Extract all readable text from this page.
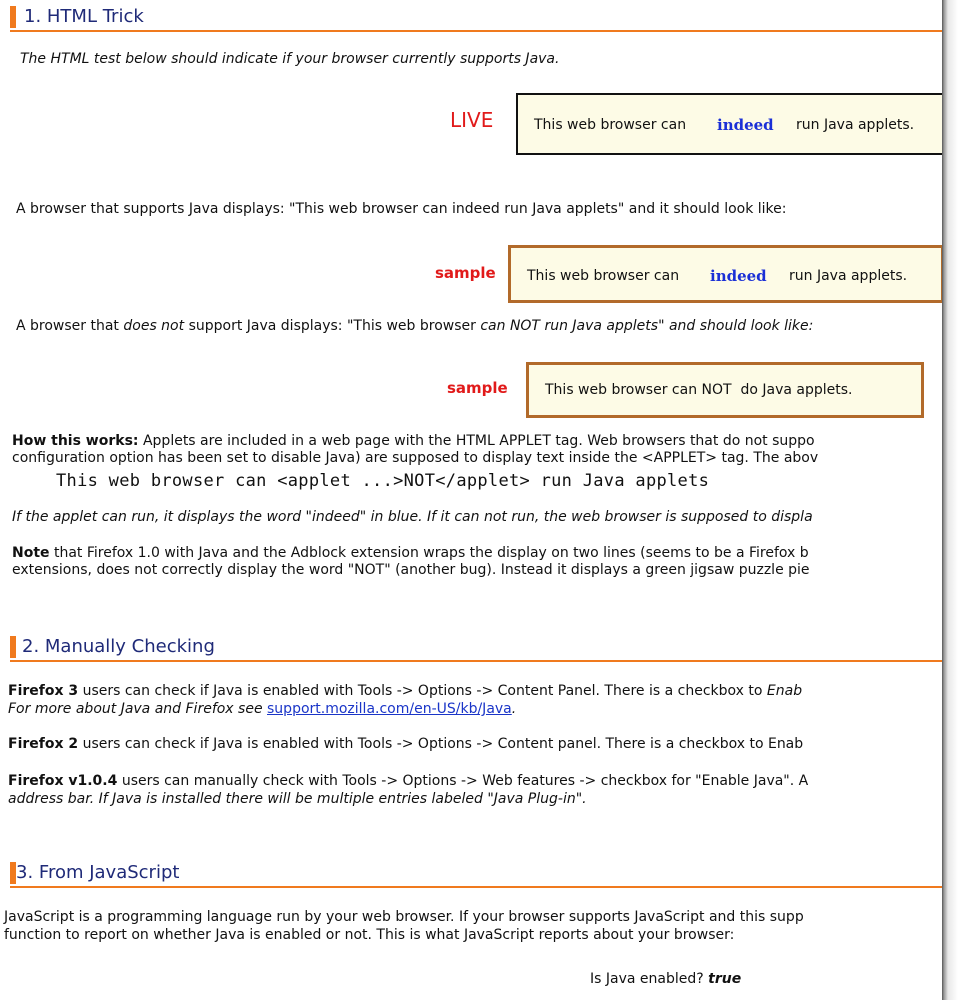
1. HTML Trick
The HTML test below should indicate if your browser currently supports Java.
LIVE	This web browser can indeed run Java applets.
A browser that supports Java displays: "This web browser can indeed run Java applets" and it should look like:
sample This web browser can indeed run Java applets.
A browser that does not support Java displays: "This web browser can NOT run Java applets" and should look like:
sample	This web browser can NOT  do Java applets.
How this works: Applets are included in a web page with the HTML APPLET tag. Web browsers that do not suppo
configuration option has been set to disable Java) are supposed to display text inside the <APPLET> tag. The abov
This web browser can <applet ...>NOT</applet> run Java applets
If the applet can run, it displays the word "indeed" in blue. If it can not run, the web browser is supposed to displa
Note that Firefox 1.0 with Java and the Adblock extension wraps the display on two lines (seems to be a Firefox b
extensions, does not correctly display the word "NOT" (another bug). Instead it displays a green jigsaw puzzle pie
2. Manually Checking
Firefox 3 users can check if Java is enabled with Tools -> Options -> Content Panel. There is a checkbox to Enab
For more about Java and Firefox see support.mozilla.com/en-US/kb/Java.
Firefox 2 users can check if Java is enabled with Tools -> Options -> Content panel. There is a checkbox to Enab
Firefox v1.0.4 users can manually check with Tools -> Options -> Web features -> checkbox for "Enable Java". A
address bar. If Java is installed there will be multiple entries labeled "Java Plug-in".
3. From JavaScript
JavaScript is a programming language run by your web browser. If your browser supports JavaScript and this supp
function to report on whether Java is enabled or not. This is what JavaScript reports about your browser:
Is Java enabled? true
